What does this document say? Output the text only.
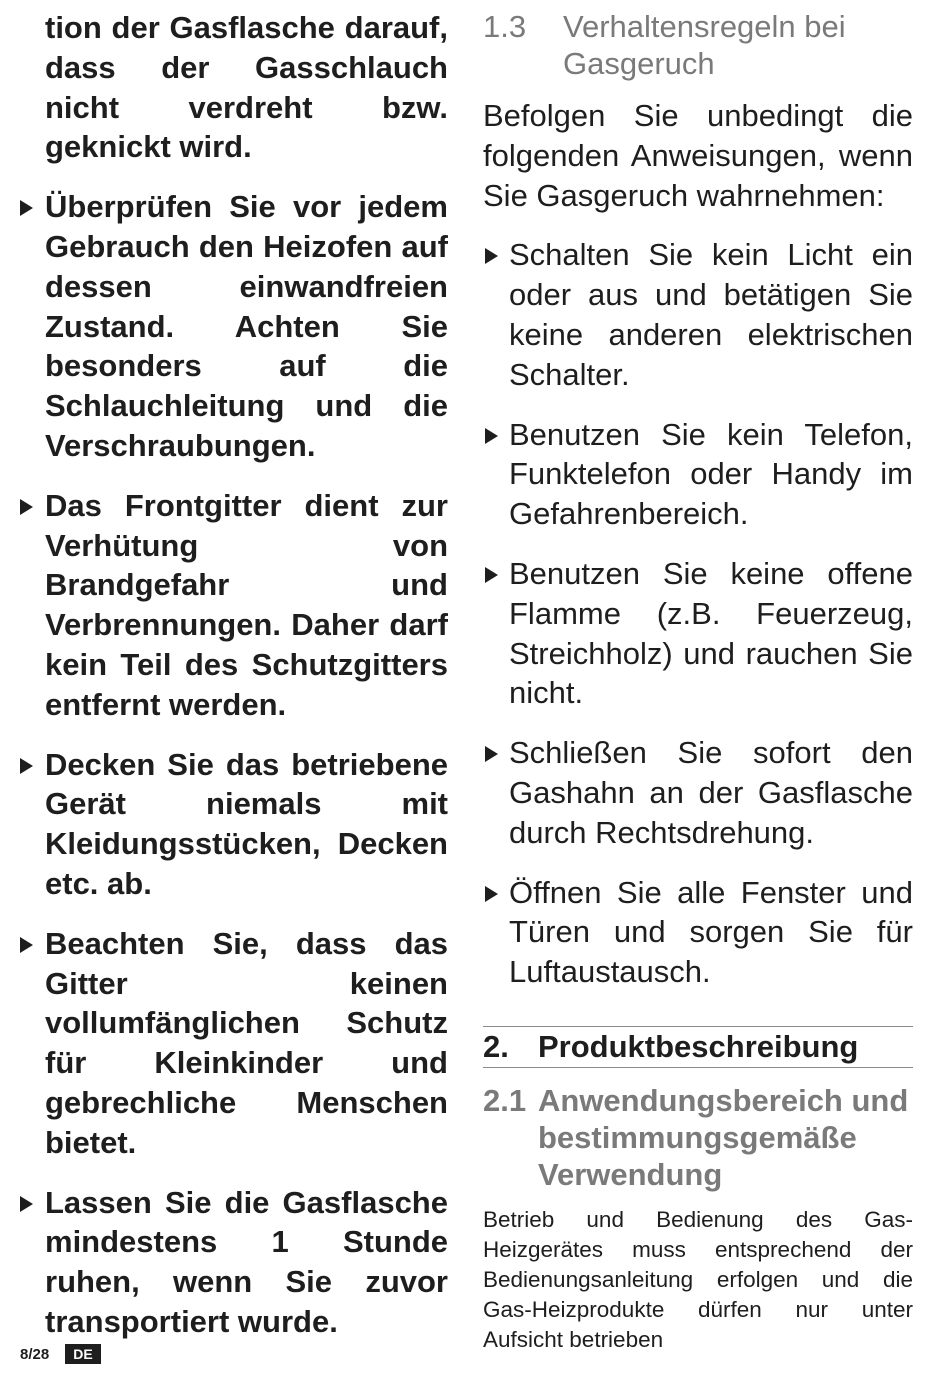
tion der Gasflasche darauf, dass der Gasschlauch nicht verdreht bzw. geknickt wird.

Überprüfen Sie vor jedem Gebrauch den Heizofen auf dessen einwandfreien Zustand. Achten Sie besonders auf die Schlauchleitung und die Verschraubungen.
Das Frontgitter dient zur Verhütung von Brandgefahr und Verbrennungen. Daher darf kein Teil des Schutzgitters entfernt werden.
Decken Sie das betriebene Gerät niemals mit Kleidungsstücken, Decken etc. ab.
Beachten Sie, dass das Gitter keinen vollumfänglichen Schutz für Kleinkinder und gebrechliche Menschen bietet.
Lassen Sie die Gasflasche mindestens 1 Stunde ruhen, wenn Sie zuvor transportiert wurde.
1.3	Verhaltensregeln bei Gasgeruch
Befolgen Sie unbedingt die folgenden Anweisungen, wenn Sie Gasgeruch wahrnehmen:
Schalten Sie kein Licht ein oder aus und betätigen Sie keine anderen elektrischen Schalter.
Benutzen Sie kein Telefon, Funktelefon oder Handy im Gefahrenbereich.
Benutzen Sie keine offene Flamme (z.B. Feuerzeug, Streichholz) und rauchen Sie nicht.
Schließen Sie sofort den Gashahn an der Gasflasche durch Rechtsdrehung.
Öffnen Sie alle Fenster und Türen und sorgen Sie für Luftaustausch.
2. Produktbeschreibung
2.1 Anwendungsbereich und bestimmungsgemäße Verwendung
Betrieb und Bedienung des Gas-Heizgerätes muss entsprechend der Bedienungsanleitung erfolgen und die Gas-Heizprodukte dürfen nur unter Aufsicht betrieben
8/28	DE
